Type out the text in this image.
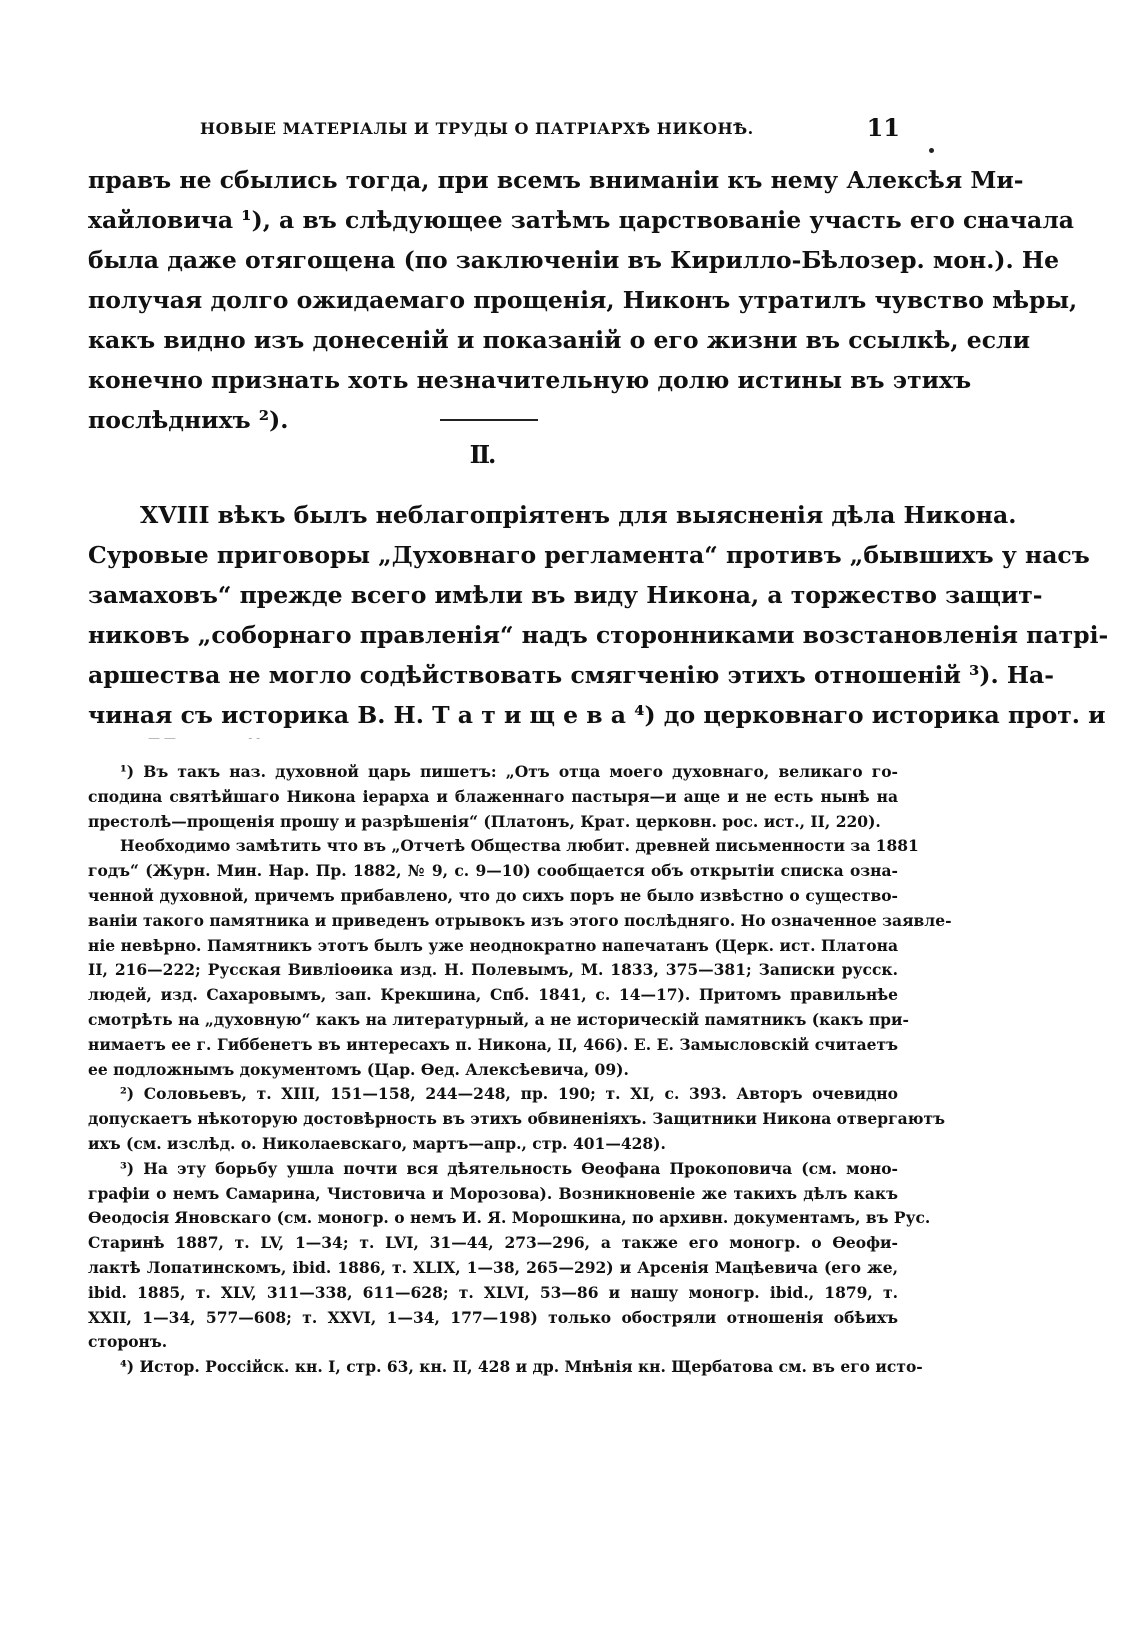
НОВЫЕ МАТЕРІАЛЫ И ТРУДЫ О ПАТРІАРХѢ НИКОНѢ.	11
правъ не сбылись тогда, при всемъ вниманіи къ нему Алексѣя Ми-
хайловича ¹), а въ слѣдующее затѣмъ царствованіе участь его сначала
была даже отягощена (по заключеніи въ Кирилло-Бѣлозер. мон.). Не
получая долго ожидаемаго прощенія, Никонъ утратилъ чувство мѣры,
какъ видно изъ донесеній и показаній о его жизни въ ссылкѣ, если
конечно признать хоть незначительную долю истины въ этихъ
послѣднихъ ²).
II.
XVIII вѣкъ былъ неблагопріятенъ для выясненія дѣла Никона.
Суровые приговоры „Духовнаго регламента“ противъ „бывшихъ у насъ
замаховъ“ прежде всего имѣли въ виду Никона, а торжество защит-
никовъ „соборнаго правленія“ надъ сторонниками возстановленія патрі-
аршества не могло содѣйствовать смягченію этихъ отношеній ³). На-
чиная съ историка В. Н. Т а т и щ е в а ⁴) до церковнаго историка прот. и
— —                   - -
¹) Въ такъ наз. духовной царь пишетъ: „Отъ отца моего духовнаго, великаго го-
сподина святѣйшаго Никона іерарха и блаженнаго пастыря—и аще и не есть нынѣ на
престолѣ—прощенія прошу и разрѣшенія“ (Платонъ, Крат. церковн. рос. ист., II, 220).
Необходимо замѣтить что въ „Отчетѣ Общества любит. древней письменности за 1881
годъ“ (Журн. Мин. Нар. Пр. 1882, № 9, с. 9—10) сообщается объ открытіи списка озна-
ченной духовной, причемъ прибавлено, что до сихъ поръ не было извѣстно о существо-
ваніи такого памятника и приведенъ отрывокъ изъ этого послѣдняго. Но означенное заявле-
ніе невѣрно. Памятникъ этотъ былъ уже неоднократно напечатанъ (Церк. ист. Платона
II, 216—222; Русская Вивліоѳика изд. Н. Полевымъ, М. 1833, 375—381; Записки русск.
людей, изд. Сахаровымъ, зап. Крекшина, Спб. 1841, с. 14—17). Притомъ правильнѣе
смотрѣть на „духовную“ какъ на литературный, а не историческій памятникъ (какъ при-
нимаетъ ее г. Гиббенетъ въ интересахъ п. Никона, II, 466). Е. Е. Замысловскій считаетъ
ее подложнымъ документомъ (Цар. Ѳед. Алексѣевича, 09).
²) Соловьевъ, т. XIII, 151—158, 244—248, пр. 190; т. XI, с. 393. Авторъ очевидно
допускаетъ нѣкоторую достовѣрность въ этихъ обвиненіяхъ. Защитники Никона отвергаютъ
ихъ (см. изслѣд. о. Николаевскаго, мартъ—апр., стр. 401—428).
³) На эту борьбу ушла почти вся дѣятельность Ѳеофана Прокоповича (см. моно-
графіи о немъ Самарина, Чистовича и Морозова). Возникновеніе же такихъ дѣлъ какъ
Ѳеодосія Яновскаго (см. моногр. о немъ И. Я. Морошкина, по архивн. документамъ, въ Рус.
Старинѣ 1887, т. LV, 1—34; т. LVI, 31—44, 273—296, а также его моногр. о Ѳеофи-
лактѣ Лопатинскомъ, ibid. 1886, т. XLIX, 1—38, 265—292) и Арсенія Мацѣевича (его же,
ibid. 1885, т. XLV, 311—338, 611—628; т. XLVI, 53—86 и нашу моногр. ibid., 1879, т.
XXII, 1—34, 577—608; т. XXVI, 1—34, 177—198) только обостряли отношенія обѣихъ
сторонъ.
⁴) Истор. Россійск. кн. I, стр. 63, кн. II, 428 и др. Мнѣнія кн. Щербатова см. въ его исто-
